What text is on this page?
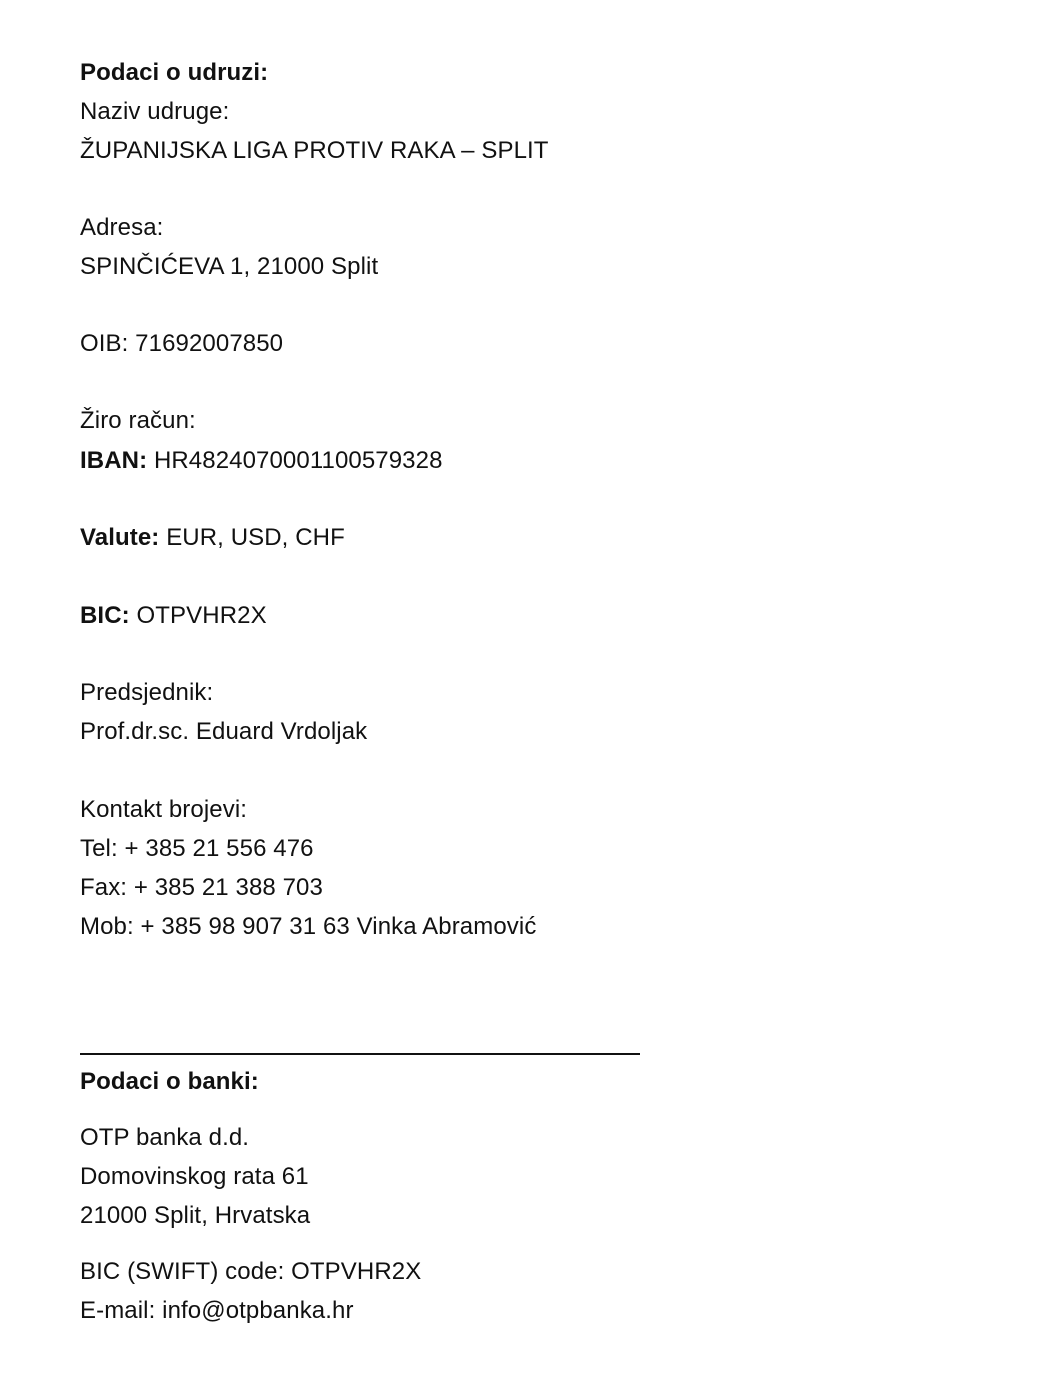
Podaci o udruzi:
Naziv udruge:
ŽUPANIJSKA LIGA PROTIV RAKA – SPLIT
Adresa:
SPINČIĆEVA 1, 21000 Split
OIB: 71692007850
Žiro račun:
IBAN: HR4824070001100579328
Valute: EUR, USD, CHF
BIC: OTPVHR2X
Predsjednik:
Prof.dr.sc. Eduard Vrdoljak
Kontakt brojevi:
Tel: + 385 21 556 476
Fax: + 385 21 388 703
Mob: + 385 98 907 31 63 Vinka Abramović
Podaci o banki:
OTP banka d.d.
Domovinskog rata 61
21000 Split, Hrvatska
BIC (SWIFT) code: OTPVHR2X
E-mail: info@otpbanka.hr
